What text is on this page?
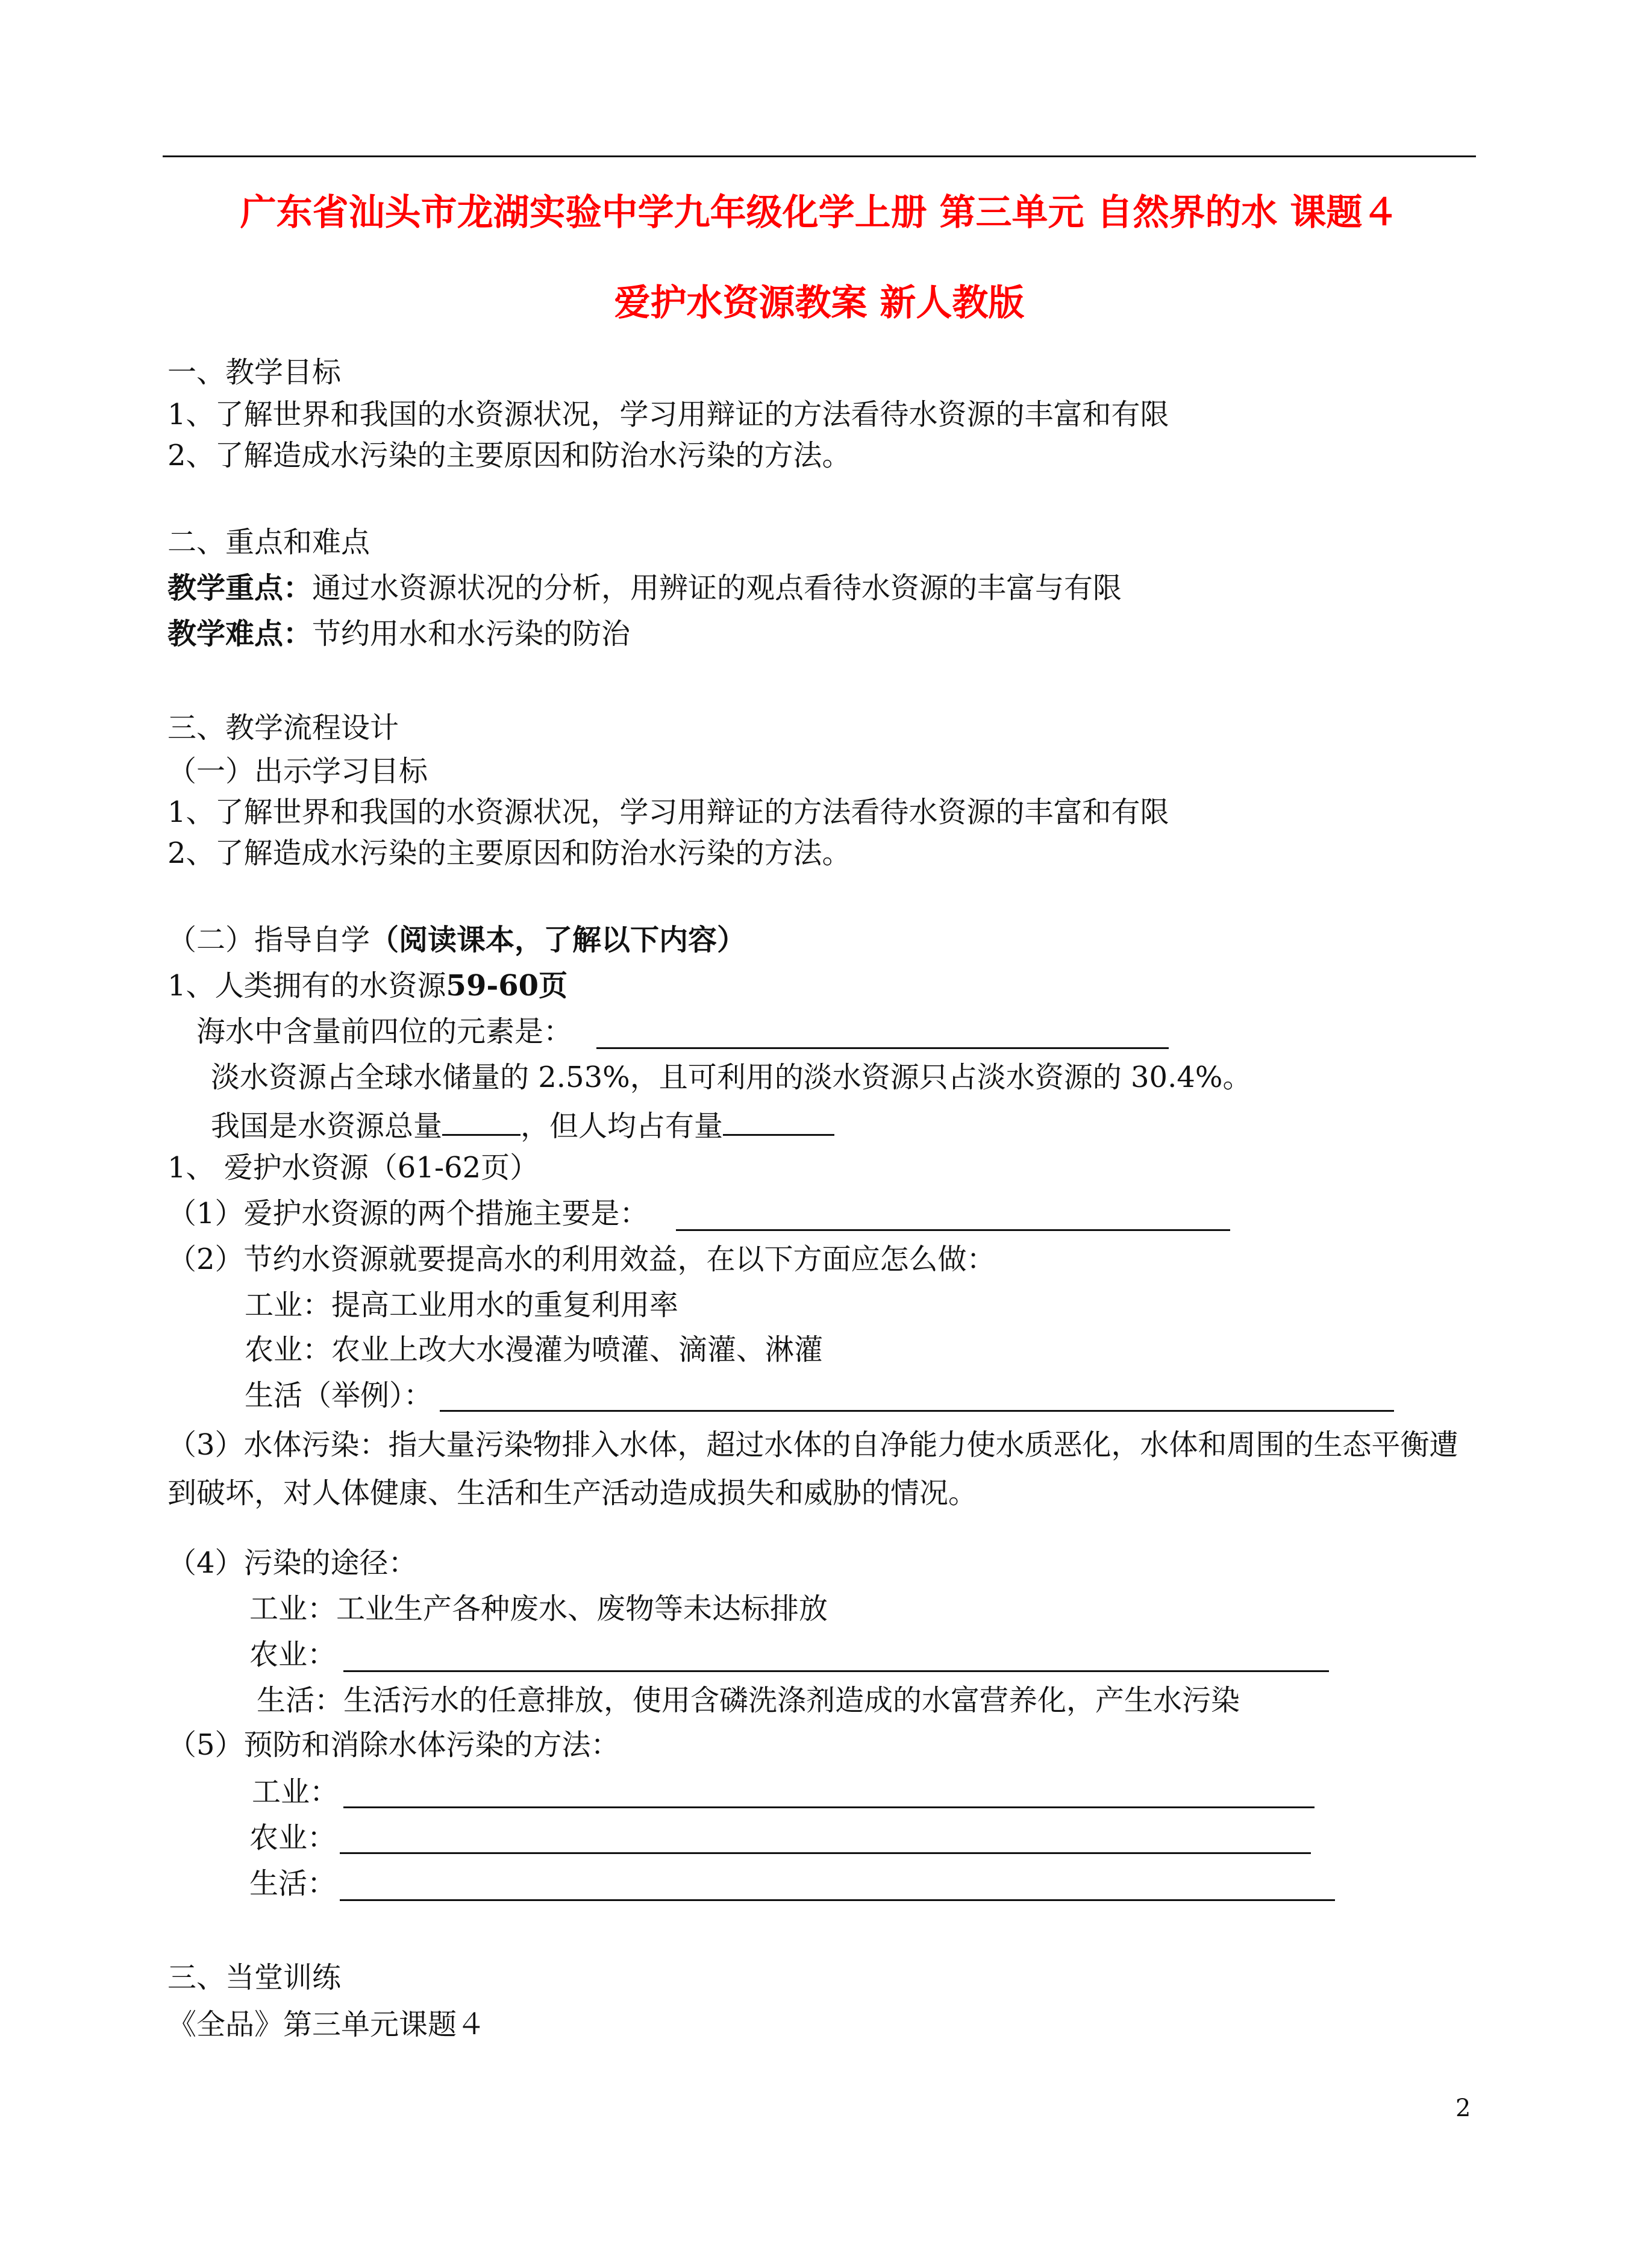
广东省汕头市龙湖实验中学九年级化学上册 第三单元 自然界的水 课题４
爱护水资源教案 新人教版
一、教学目标
1、了解世界和我国的水资源状况，学习用辩证的方法看待水资源的丰富和有限
2、了解造成水污染的主要原因和防治水污染的方法。
二、重点和难点
教学重点：通过水资源状况的分析，用辨证的观点看待水资源的丰富与有限
教学难点：节约用水和水污染的防治
三、教学流程设计
（一）出示学习目标
1、了解世界和我国的水资源状况，学习用辩证的方法看待水资源的丰富和有限
2、了解造成水污染的主要原因和防治水污染的方法。
（二）指导自学（阅读课本，了解以下内容）
1、人类拥有的水资源59-60页
海水中含量前四位的元素是：
淡水资源占全球水储量的 2.53%，且可利用的淡水资源只占淡水资源的 30.4%。
我国是水资源总量	，但人均占有量
1、 爱护水资源（61-62页）
（1）爱护水资源的两个措施主要是：
（2）节约水资源就要提高水的利用效益，在以下方面应怎么做：
工业：提高工业用水的重复利用率
农业：农业上改大水漫灌为喷灌、滴灌、淋灌
生活（举例）：
（3）水体污染：指大量污染物排入水体，超过水体的自净能力使水质恶化，水体和周围的生态平衡遭到破坏，对人体健康、生活和生产活动造成损失和威胁的情况。
（4）污染的途径：
工业：工业生产各种废水、废物等未达标排放
农业：
生活：生活污水的任意排放，使用含磷洗涤剂造成的水富营养化，产生水污染
（5）预防和消除水体污染的方法：
工业：
农业：
生活：
三、当堂训练
《全品》第三单元课题４
2
